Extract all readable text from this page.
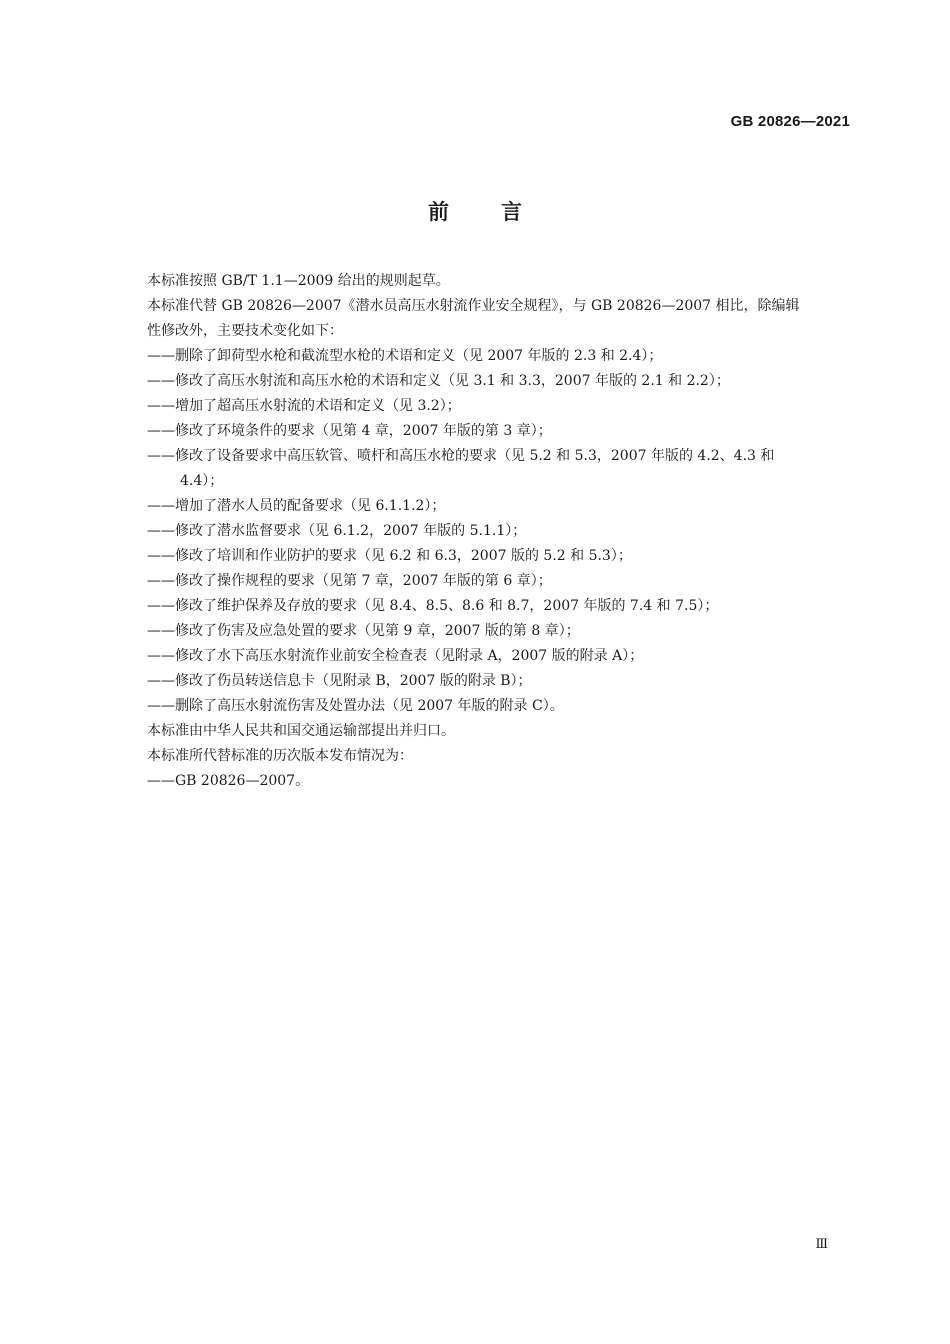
GB 20826—2021
前言

本标准按照 GB/T 1.1—2009 给出的规则起草。

本标准代替 GB 20826—2007《潜水员高压水射流作业安全规程》，与 GB 20826—2007 相比，除编辑

性修改外，主要技术变化如下：

——删除了卸荷型水枪和截流型水枪的术语和定义（见 2007 年版的 2.3 和 2.4）；

——修改了高压水射流和高压水枪的术语和定义（见 3.1 和 3.3，2007 年版的 2.1 和 2.2）；

——增加了超高压水射流的术语和定义（见 3.2）；

——修改了环境条件的要求（见第 4 章，2007 年版的第 3 章）；

——修改了设备要求中高压软管、喷杆和高压水枪的要求（见 5.2 和 5.3，2007 年版的 4.2、4.3 和

4.4）；

——增加了潜水人员的配备要求（见 6.1.1.2）；

——修改了潜水监督要求（见 6.1.2，2007 年版的 5.1.1）；

——修改了培训和作业防护的要求（见 6.2 和 6.3，2007 版的 5.2 和 5.3）；

——修改了操作规程的要求（见第 7 章，2007 年版的第 6 章）；

——修改了维护保养及存放的要求（见 8.4、8.5、8.6 和 8.7，2007 年版的 7.4 和 7.5）；

——修改了伤害及应急处置的要求（见第 9 章，2007 版的第 8 章）；

——修改了水下高压水射流作业前安全检查表（见附录 A，2007 版的附录 A）；

——修改了伤员转送信息卡（见附录 B，2007 版的附录 B）；

——删除了高压水射流伤害及处置办法（见 2007 年版的附录 C）。

本标准由中华人民共和国交通运输部提出并归口。

本标准所代替标准的历次版本发布情况为：

——GB 20826—2007。

Ⅲ
